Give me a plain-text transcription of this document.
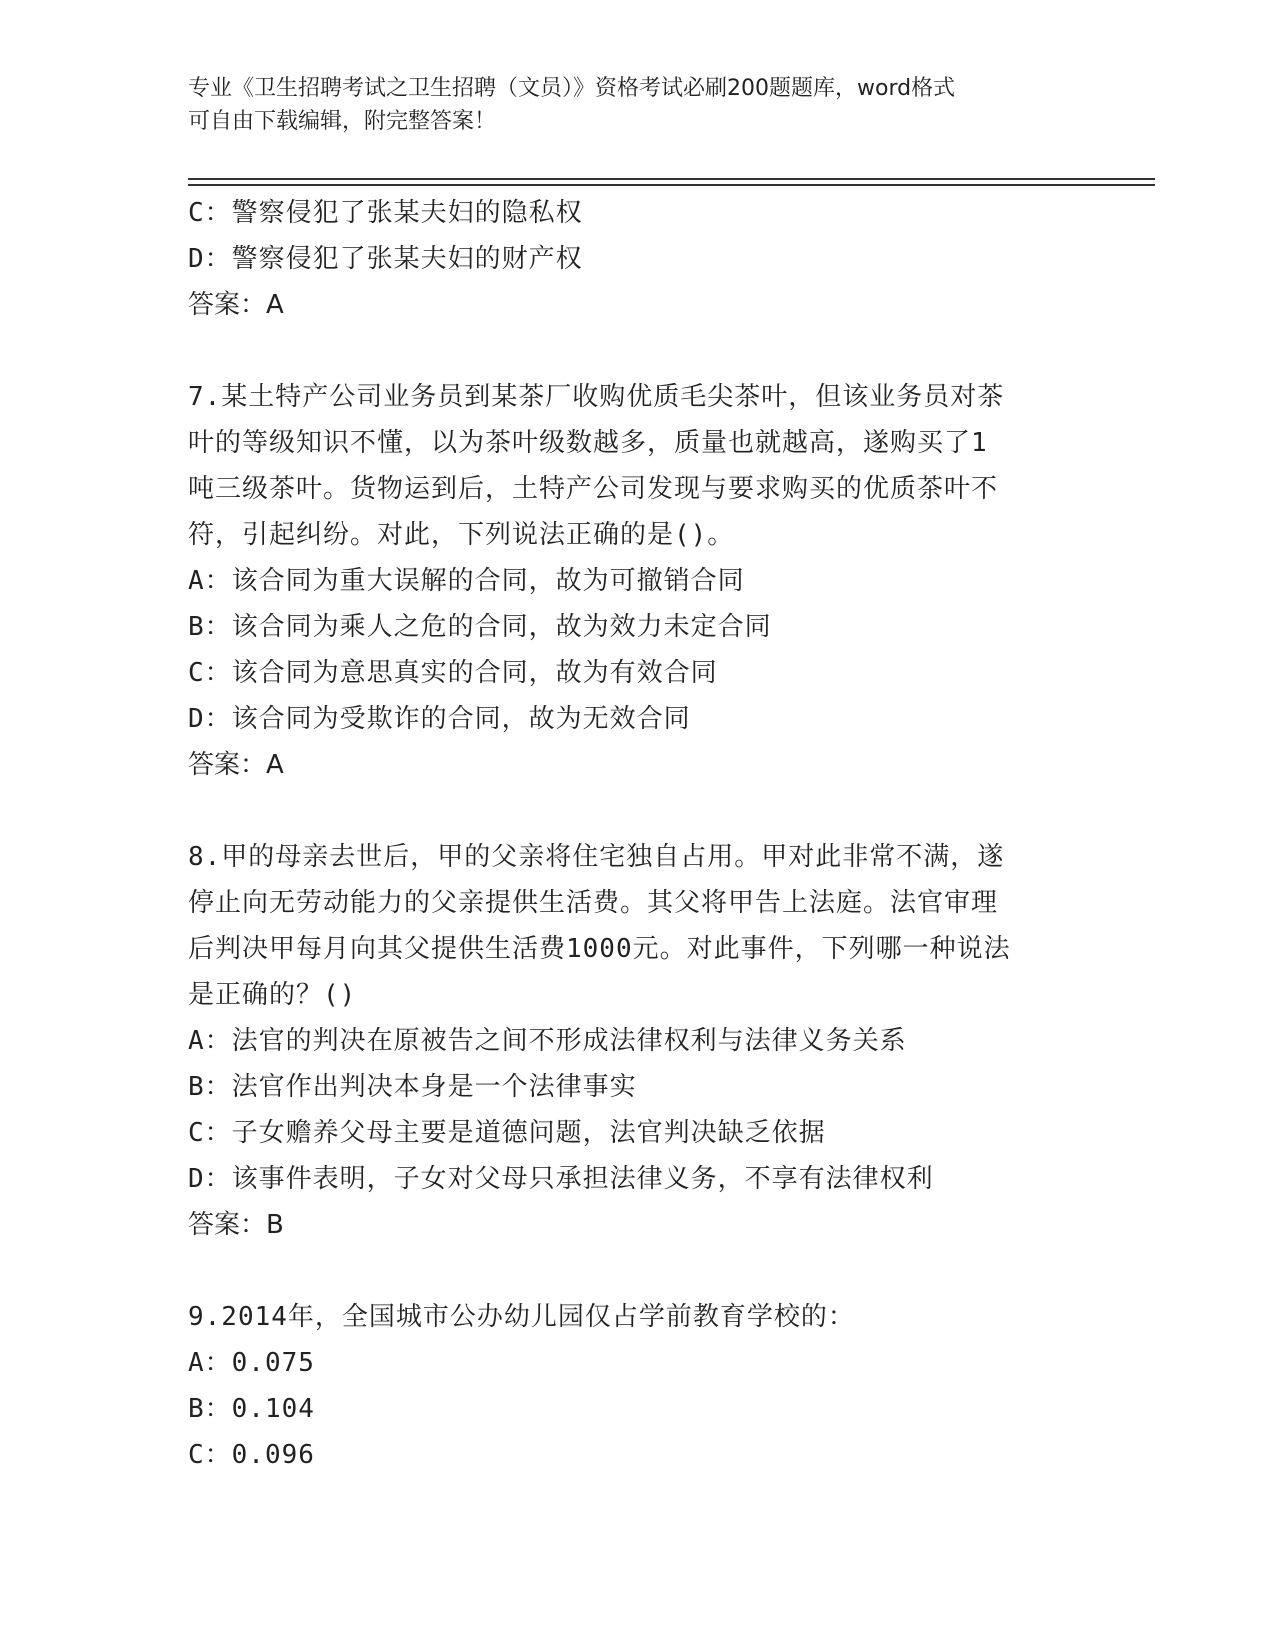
专业《卫生招聘考试之卫生招聘（文员）》资格考试必刷200题题库，word格式
可自由下载编辑，附完整答案！
C：警察侵犯了张某夫妇的隐私权
D：警察侵犯了张某夫妇的财产权
答案：A
7.某土特产公司业务员到某茶厂收购优质毛尖茶叶，但该业务员对茶
叶的等级知识不懂，以为茶叶级数越多，质量也就越高，遂购买了1
吨三级茶叶。货物运到后，土特产公司发现与要求购买的优质茶叶不
符，引起纠纷。对此，下列说法正确的是()。
A：该合同为重大误解的合同，故为可撤销合同
B：该合同为乘人之危的合同，故为效力未定合同
C：该合同为意思真实的合同，故为有效合同
D：该合同为受欺诈的合同，故为无效合同
答案：A
8.甲的母亲去世后，甲的父亲将住宅独自占用。甲对此非常不满，遂
停止向无劳动能力的父亲提供生活费。其父将甲告上法庭。法官审理
后判决甲每月向其父提供生活费1000元。对此事件，下列哪一种说法
是正确的？()
A：法官的判决在原被告之间不形成法律权利与法律义务关系
B：法官作出判决本身是一个法律事实
C：子女赡养父母主要是道德问题，法官判决缺乏依据
D：该事件表明，子女对父母只承担法律义务，不享有法律权利
答案：B
9.2014年，全国城市公办幼儿园仅占学前教育学校的：
A：0.075
B：0.104
C：0.096
